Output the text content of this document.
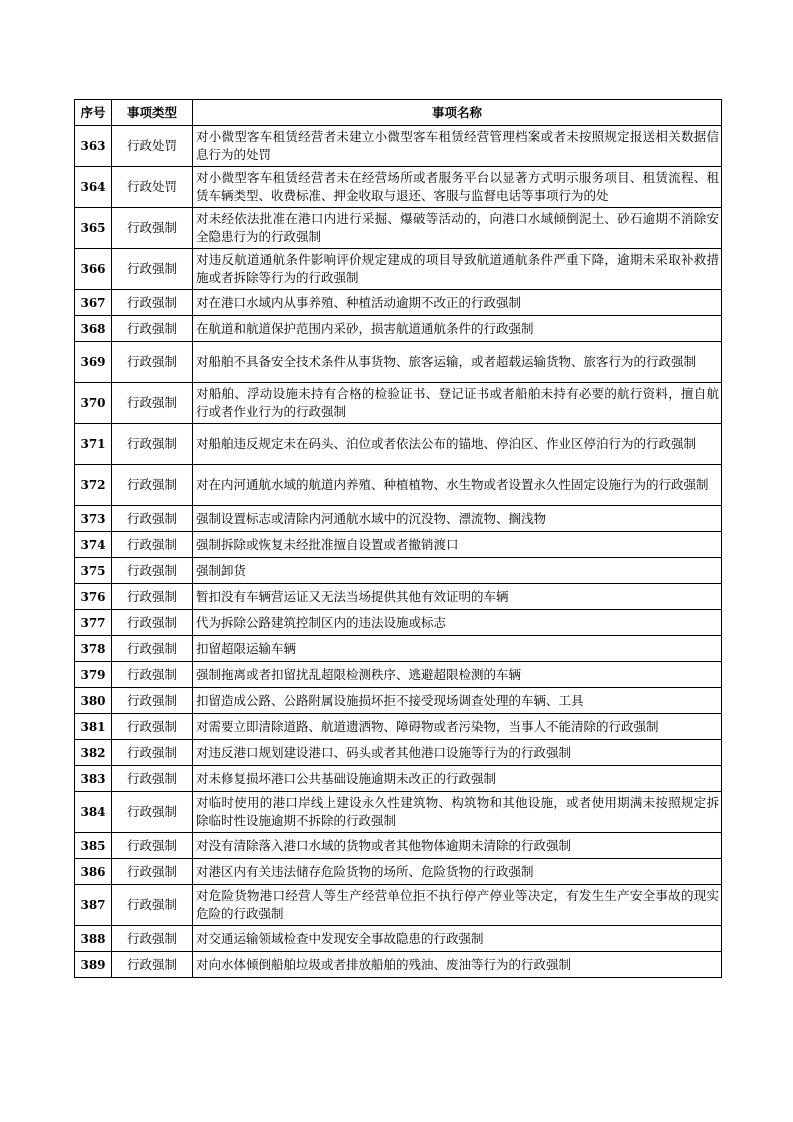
序号	事项类型	事项名称
363	行政处罚	对小微型客车租赁经营者未建立小微型客车租赁经营管理档案或者未按照规定报送相关数据信息行为的处罚
364	行政处罚	对小微型客车租赁经营者未在经营场所或者服务平台以显著方式明示服务项目、租赁流程、租赁车辆类型、收费标准、押金收取与退还、客服与监督电话等事项行为的处
365	行政强制	对未经依法批准在港口内进行采掘、爆破等活动的，向港口水域倾倒泥土、砂石逾期不消除安全隐患行为的行政强制
366	行政强制	对违反航道通航条件影响评价规定建成的项目导致航道通航条件严重下降，逾期未采取补救措施或者拆除等行为的行政强制
367	行政强制	对在港口水域内从事养殖、种植活动逾期不改正的行政强制
368	行政强制	在航道和航道保护范围内采砂，损害航道通航条件的行政强制
369	行政强制	对船舶不具备安全技术条件从事货物、旅客运输，或者超载运输货物、旅客行为的行政强制
370	行政强制	对船舶、浮动设施未持有合格的检验证书、登记证书或者船舶未持有必要的航行资料，擅自航行或者作业行为的行政强制
371	行政强制	对船舶违反规定未在码头、泊位或者依法公布的锚地、停泊区、作业区停泊行为的行政强制
372	行政强制	对在内河通航水域的航道内养殖、种植植物、水生物或者设置永久性固定设施行为的行政强制
373	行政强制	强制设置标志或清除内河通航水域中的沉没物、漂流物、搁浅物
374	行政强制	强制拆除或恢复未经批准擅自设置或者撤销渡口
375	行政强制	强制卸货
376	行政强制	暂扣没有车辆营运证又无法当场提供其他有效证明的车辆
377	行政强制	代为拆除公路建筑控制区内的违法设施或标志
378	行政强制	扣留超限运输车辆
379	行政强制	强制拖离或者扣留扰乱超限检测秩序、逃避超限检测的车辆
380	行政强制	扣留造成公路、公路附属设施损坏拒不接受现场调查处理的车辆、工具
381	行政强制	对需要立即清除道路、航道遗洒物、障碍物或者污染物，当事人不能清除的行政强制
382	行政强制	对违反港口规划建设港口、码头或者其他港口设施等行为的行政强制
383	行政强制	对未修复损坏港口公共基础设施逾期未改正的行政强制
384	行政强制	对临时使用的港口岸线上建设永久性建筑物、构筑物和其他设施，或者使用期满未按照规定拆除临时性设施逾期不拆除的行政强制
385	行政强制	对没有清除落入港口水域的货物或者其他物体逾期未清除的行政强制
386	行政强制	对港区内有关违法储存危险货物的场所、危险货物的行政强制
387	行政强制	对危险货物港口经营人等生产经营单位拒不执行停产停业等决定，有发生生产安全事故的现实危险的行政强制
388	行政强制	对交通运输领域检查中发现安全事故隐患的行政强制
389	行政强制	对向水体倾倒船舶垃圾或者排放船舶的残油、废油等行为的行政强制
